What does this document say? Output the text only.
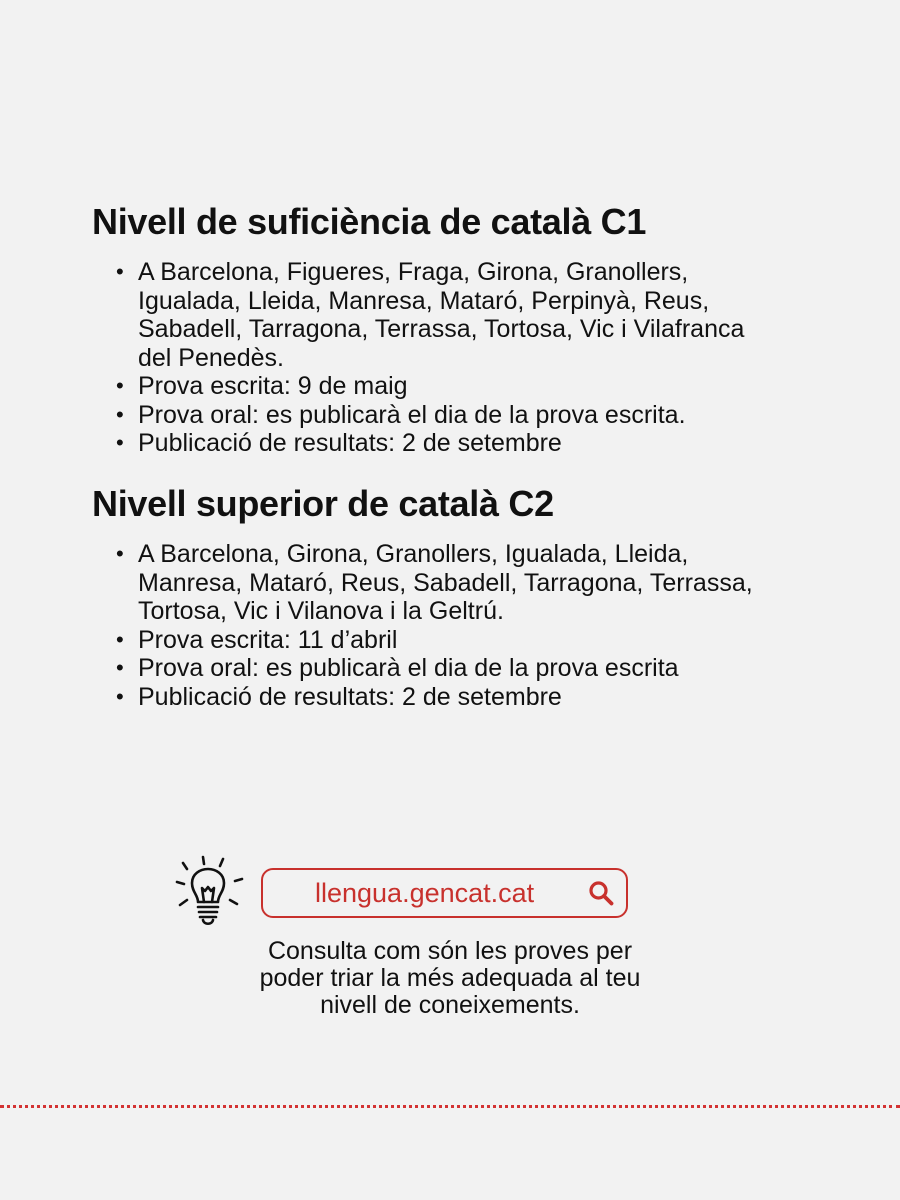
Nivell de suficiència de català C1
• A Barcelona, Figueres, Fraga, Girona, Granollers,
Igualada, Lleida, Manresa, Mataró, Perpinyà, Reus,
Sabadell, Tarragona, Terrassa, Tortosa, Vic i Vilafranca
del Penedès.
• Prova escrita: 9 de maig
• Prova oral: es publicarà el dia de la prova escrita.
• Publicació de resultats: 2 de setembre
Nivell superior de català C2
• A Barcelona, Girona, Granollers, Igualada, Lleida,
Manresa, Mataró, Reus, Sabadell, Tarragona, Terrassa,
Tortosa, Vic i Vilanova i la Geltrú.
• Prova escrita: 11 d’abril
• Prova oral: es publicarà el dia de la prova escrita
• Publicació de resultats: 2 de setembre
llengua.gencat.cat
Consulta com són les proves per
poder triar la més adequada al teu
nivell de coneixements.
